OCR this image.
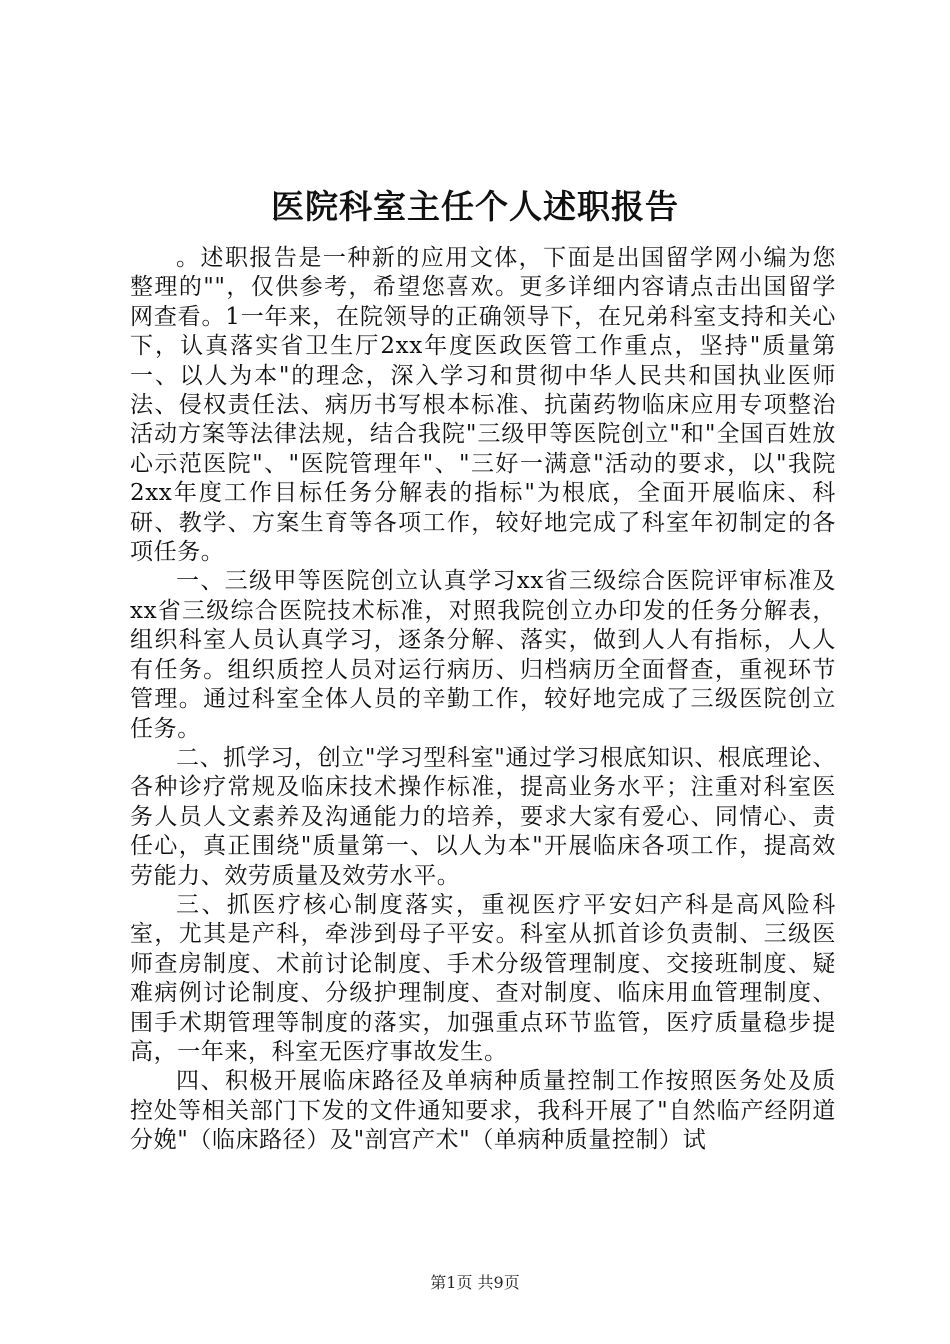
医院科室主任个人述职报告

。述职报告是一种新的应用文体，下面是出国留学网小编为您整理的""，仅供参考，希望您喜欢。更多详细内容请点击出国留学网查看。1一年来，在院领导的正确领导下，在兄弟科室支持和关心下，认真落实省卫生厅2xx年度医政医管工作重点，坚持"质量第一、以人为本"的理念，深入学习和贯彻中华人民共和国执业医师法、侵权责任法、病历书写根本标准、抗菌药物临床应用专项整治活动方案等法律法规，结合我院"三级甲等医院创立"和"全国百姓放心示范医院"、"医院管理年"、"三好一满意"活动的要求，以"我院2xx年度工作目标任务分解表的指标"为根底，全面开展临床、科研、教学、方案生育等各项工作，较好地完成了科室年初制定的各项任务。

一、三级甲等医院创立认真学习xx省三级综合医院评审标准及xx省三级综合医院技术标准，对照我院创立办印发的任务分解表，组织科室人员认真学习，逐条分解、落实，做到人人有指标，人人有任务。组织质控人员对运行病历、归档病历全面督查，重视环节管理。通过科室全体人员的辛勤工作，较好地完成了三级医院创立任务。

二、抓学习，创立"学习型科室"通过学习根底知识、根底理论、各种诊疗常规及临床技术操作标准，提高业务水平；注重对科室医务人员人文素养及沟通能力的培养，要求大家有爱心、同情心、责任心，真正围绕"质量第一、以人为本"开展临床各项工作，提高效劳能力、效劳质量及效劳水平。

三、抓医疗核心制度落实，重视医疗平安妇产科是高风险科室，尤其是产科，牵涉到母子平安。科室从抓首诊负责制、三级医师查房制度、术前讨论制度、手术分级管理制度、交接班制度、疑难病例讨论制度、分级护理制度、查对制度、临床用血管理制度、围手术期管理等制度的落实，加强重点环节监管，医疗质量稳步提高，一年来，科室无医疗事故发生。

四、积极开展临床路径及单病种质量控制工作按照医务处及质控处等相关部门下发的文件通知要求，我科开展了"自然临产经阴道分娩"（临床路径）及"剖宫产术"（单病种质量控制）试

第1页 共9页
